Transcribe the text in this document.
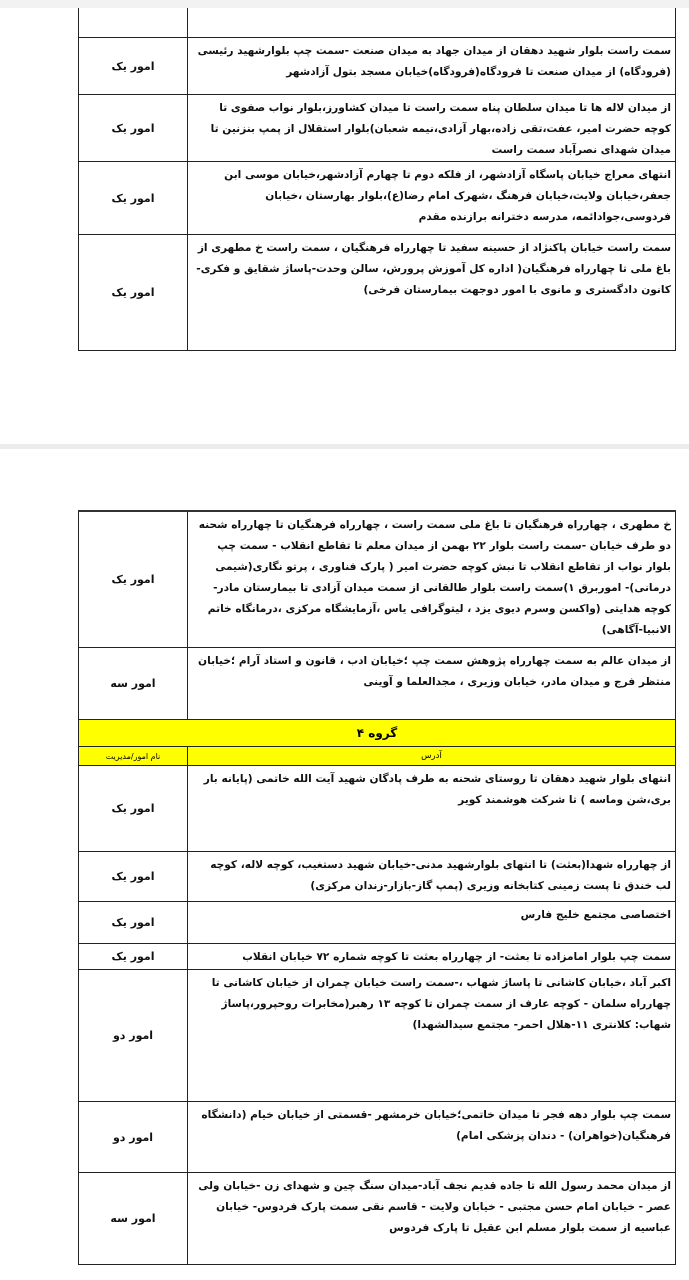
سمت راست بلوار شهید دهقان از میدان جهاد به میدان صنعت -سمت چپ بلوارشهید رئیسی (فرودگاه) از میدان صنعت تا فرودگاه(فرودگاه)خیابان مسجد بتول آزادشهر	امور یک
از میدان لاله ها تا میدان سلطان پناه سمت راست تا میدان کشاورز،بلوار نواب صفوی تا کوچه حضرت امیر، عفت،تقی زاده،بهار آزادی،نیمه شعبان)بلوار استقلال از پمپ بنزنین تا میدان شهدای نصرآباد سمت راست	امور یک
انتهای معراج خیابان پاسگاه آزادشهر، از فلکه دوم تا چهارم آزادشهر،خیابان موسی ابن جعفر،خیابان ولایت،خیابان فرهنگ ،شهرک امام رضا(ع)،بلوار بهارستان ،خیابان فردوسی،جوادائمه، مدرسه دخترانه برازنده مقدم	امور یک
سمت راست خیابان پاکنژاد از حسینه سفید تا چهارراه فرهنگیان ، سمت راست خ مطهری از باغ ملی تا چهارراه فرهنگیان( اداره کل آموزش پرورش، سالن وحدت-پاساژ شقایق و فکری-کانون دادگستری و مانوی با امور دوجهت بیمارستان فرخی)	امور یک
خ مطهری ، چهارراه فرهنگیان تا باغ ملی سمت راست ، چهارراه فرهنگیان تا چهارراه شحنه دو طرف خیابان -سمت راست بلوار ۲۲ بهمن از میدان معلم تا تقاطع انقلاب - سمت چپ بلوار نواب از تقاطع انقلاب تا نبش کوچه حضرت امیر ( پارک فناوری ، پرتو نگاری(شیمی درمانی)- اموربرق ۱)سمت راست بلوار طالقانی از سمت میدان آزادی تا بیمارستان مادر-کوچه هدایتی (واکسن وسرم دیوی یزد ، لیتوگرافی یاس ،آزمایشگاه مرکزی ،درمانگاه خاتم الانبیا-آگاهی)	امور یک
از میدان عالم به سمت چهارراه پژوهش سمت چپ ؛خیابان ادب ، قانون و استاد آرام ؛خیابان منتظر فرج و میدان مادر، خیابان وزیری ، مجدالعلما و آوینی	امور سه
گروه ۴	
آدرس	نام امور/مدیریت
انتهای بلوار شهید دهقان تا روستای شحنه به طرف پادگان شهید آیت الله خاتمی (پایانه بار بری،شن وماسه ) تا شرکت هوشمند کویر	امور یک
از چهارراه شهدا(بعثت) تا انتهای بلوارشهید مدنی-خیابان شهید دستغیب، کوچه لاله، کوچه لب خندق تا پست زمینی کتابخانه وزیری (پمپ گاز-بازار-زندان مرکزی)	امور یک
اختصاصی مجتمع خلیج فارس	امور یک
سمت چپ بلوار امامزاده تا بعثت- از چهارراه بعثت تا کوچه شماره ۷۲ خیابان انقلاب	امور یک
اکبر آباد ،خیابان کاشانی تا پاساژ شهاب ،-سمت راست خیابان چمران از خیابان کاشانی تا چهارراه سلمان - کوچه عارف از سمت چمران تا کوچه ۱۳ رهبر(مخابرات روحپرور،پاساژ شهاب: کلانتری ۱۱-هلال احمر- مجتمع سیدالشهدا)	امور دو
سمت چپ بلوار دهه فجر تا میدان خاتمی؛خیابان خرمشهر -قسمتی از خیابان خیام (دانشگاه فرهنگیان(خواهران) - دندان پزشکی امام)	امور دو
از میدان محمد رسول الله تا جاده قدیم نجف آباد-میدان سنگ چین و شهدای زن -خیابان ولی عصر - خیابان امام حسن مجتبی - خیابان ولایت - قاسم نقی سمت پارک فردوس- خیابان عباسیه از سمت بلوار مسلم ابن عقیل تا پارک فردوس	امور سه
